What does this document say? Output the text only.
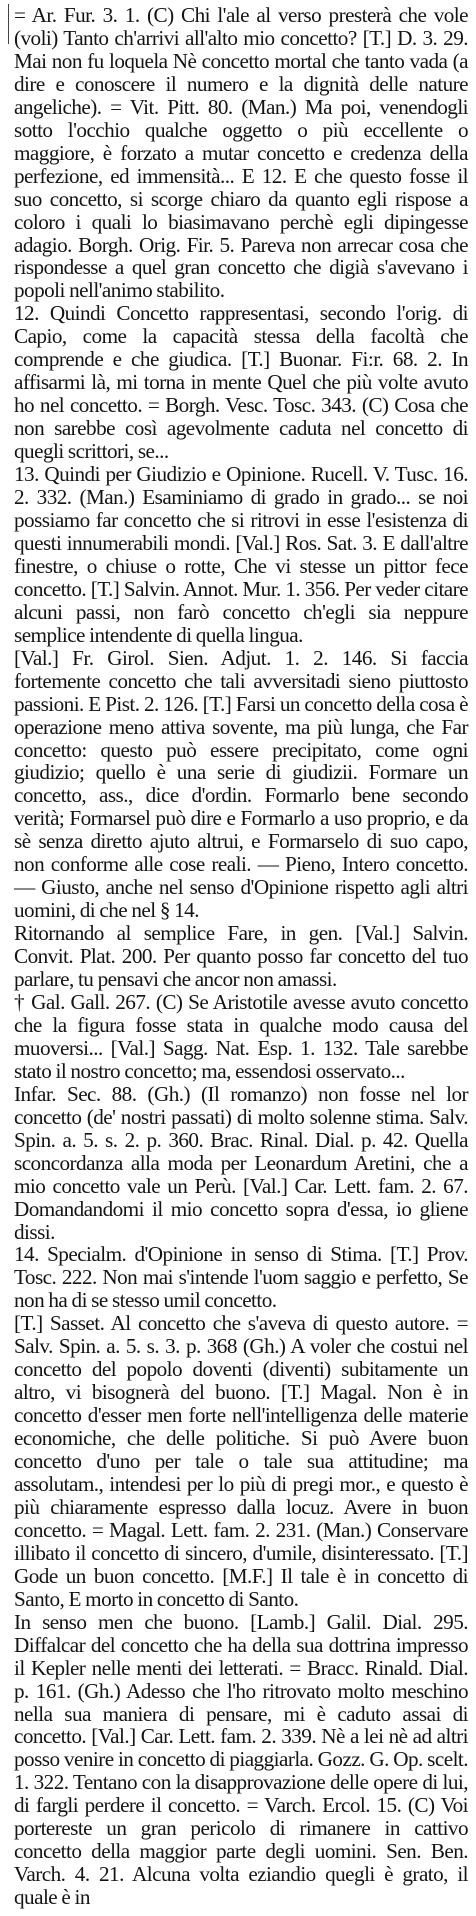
= Ar. Fur. 3. 1. (C) Chi l'ale al verso presterà che vole (voli) Tanto ch'arrivi all'alto mio concetto? [T.] D. 3. 29. Mai non fu loquela Nè concetto mortal che tanto vada (a dire e conoscere il numero e la dignità delle nature angeliche). = Vit. Pitt. 80. (Man.) Ma poi, venendogli sotto l'occhio qualche oggetto o più eccellente o maggiore, è forzato a mutar concetto e credenza della perfezione, ed immensità... E 12. E che questo fosse il suo concetto, si scorge chiaro da quanto egli rispose a coloro i quali lo biasimavano perchè egli dipingesse adagio. Borgh. Orig. Fir. 5. Pareva non arrecar cosa che rispondesse a quel gran concetto che digià s'avevano i popoli nell'animo stabilito.
12. Quindi Concetto rappresentasi, secondo l'orig. di Capio, come la capacità stessa della facoltà che comprende e che giudica. [T.] Buonar. Fi:r. 68. 2. In affisarmi là, mi torna in mente Quel che più volte avuto ho nel concetto. = Borgh. Vesc. Tosc. 343. (C) Cosa che non sarebbe così agevolmente caduta nel concetto di quegli scrittori, se...
13. Quindi per Giudizio e Opinione. Rucell. V. Tusc. 16. 2. 332. (Man.) Esaminiamo di grado in grado... se noi possiamo far concetto che si ritrovi in esse l'esistenza di questi innumerabili mondi. [Val.] Ros. Sat. 3. E dall'altre finestre, o chiuse o rotte, Che vi stesse un pittor fece concetto. [T.] Salvin. Annot. Mur. 1. 356. Per veder citare alcuni passi, non farò concetto ch'egli sia neppure semplice intendente di quella lingua.
[Val.] Fr. Girol. Sien. Adjut. 1. 2. 146. Si faccia fortemente concetto che tali avversitadi sieno piuttosto passioni. E Pist. 2. 126. [T.] Farsi un concetto della cosa è operazione meno attiva sovente, ma più lunga, che Far concetto: questo può essere precipitato, come ogni giudizio; quello è una serie di giudizii. Formare un concetto, ass., dice d'ordin. Formarlo bene secondo verità; Formarsel può dire e Formarlo a uso proprio, e da sè senza diretto ajuto altrui, e Formarselo di suo capo, non conforme alle cose reali. — Pieno, Intero concetto. — Giusto, anche nel senso d'Opinione rispetto agli altri uomini, di che nel § 14.
Ritornando al semplice Fare, in gen. [Val.] Salvin. Convit. Plat. 200. Per quanto posso far concetto del tuo parlare, tu pensavi che ancor non amassi.
† Gal. Gall. 267. (C) Se Aristotile avesse avuto concetto che la figura fosse stata in qualche modo causa del muoversi... [Val.] Sagg. Nat. Esp. 1. 132. Tale sarebbe stato il nostro concetto; ma, essendosi osservato...
Infar. Sec. 88. (Gh.) (Il romanzo) non fosse nel lor concetto (de' nostri passati) di molto solenne stima. Salv. Spin. a. 5. s. 2. p. 360. Brac. Rinal. Dial. p. 42. Quella sconcordanza alla moda per Leonardum Aretini, che a mio concetto vale un Perù. [Val.] Car. Lett. fam. 2. 67. Domandandomi il mio concetto sopra d'essa, io gliene dissi.
14. Specialm. d'Opinione in senso di Stima. [T.] Prov. Tosc. 222. Non mai s'intende l'uom saggio e perfetto, Se non ha di se stesso umil concetto.
[T.] Sasset. Al concetto che s'aveva di questo autore. = Salv. Spin. a. 5. s. 3. p. 368 (Gh.) A voler che costui nel concetto del popolo doventi (diventi) subitamente un altro, vi bisognerà del buono. [T.] Magal. Non è in concetto d'esser men forte nell'intelligenza delle materie economiche, che delle politiche. Si può Avere buon concetto d'uno per tale o tale sua attitudine; ma assolutam., intendesi per lo più di pregi mor., e questo è più chiaramente espresso dalla locuz. Avere in buon concetto. = Magal. Lett. fam. 2. 231. (Man.) Conservare illibato il concetto di sincero, d'umile, disinteressato. [T.] Gode un buon concetto. [M.F.] Il tale è in concetto di Santo, E morto in concetto di Santo.
In senso men che buono. [Lamb.] Galil. Dial. 295. Diffalcar del concetto che ha della sua dottrina impresso il Kepler nelle menti dei letterati. = Bracc. Rinald. Dial. p. 161. (Gh.) Adesso che l'ho ritrovato molto meschino nella sua maniera di pensare, mi è caduto assai di concetto. [Val.] Car. Lett. fam. 2. 339. Nè a lei nè ad altri posso venire in concetto di piaggiarla. Gozz. G. Op. scelt. 1. 322. Tentano con la disapprovazione delle opere di lui, di fargli perdere il concetto. = Varch. Ercol. 15. (C) Voi portereste un gran pericolo di rimanere in cattivo concetto della maggior parte degli uomini. Sen. Ben. Varch. 4. 21. Alcuna volta eziandio quegli è grato, il quale è in
